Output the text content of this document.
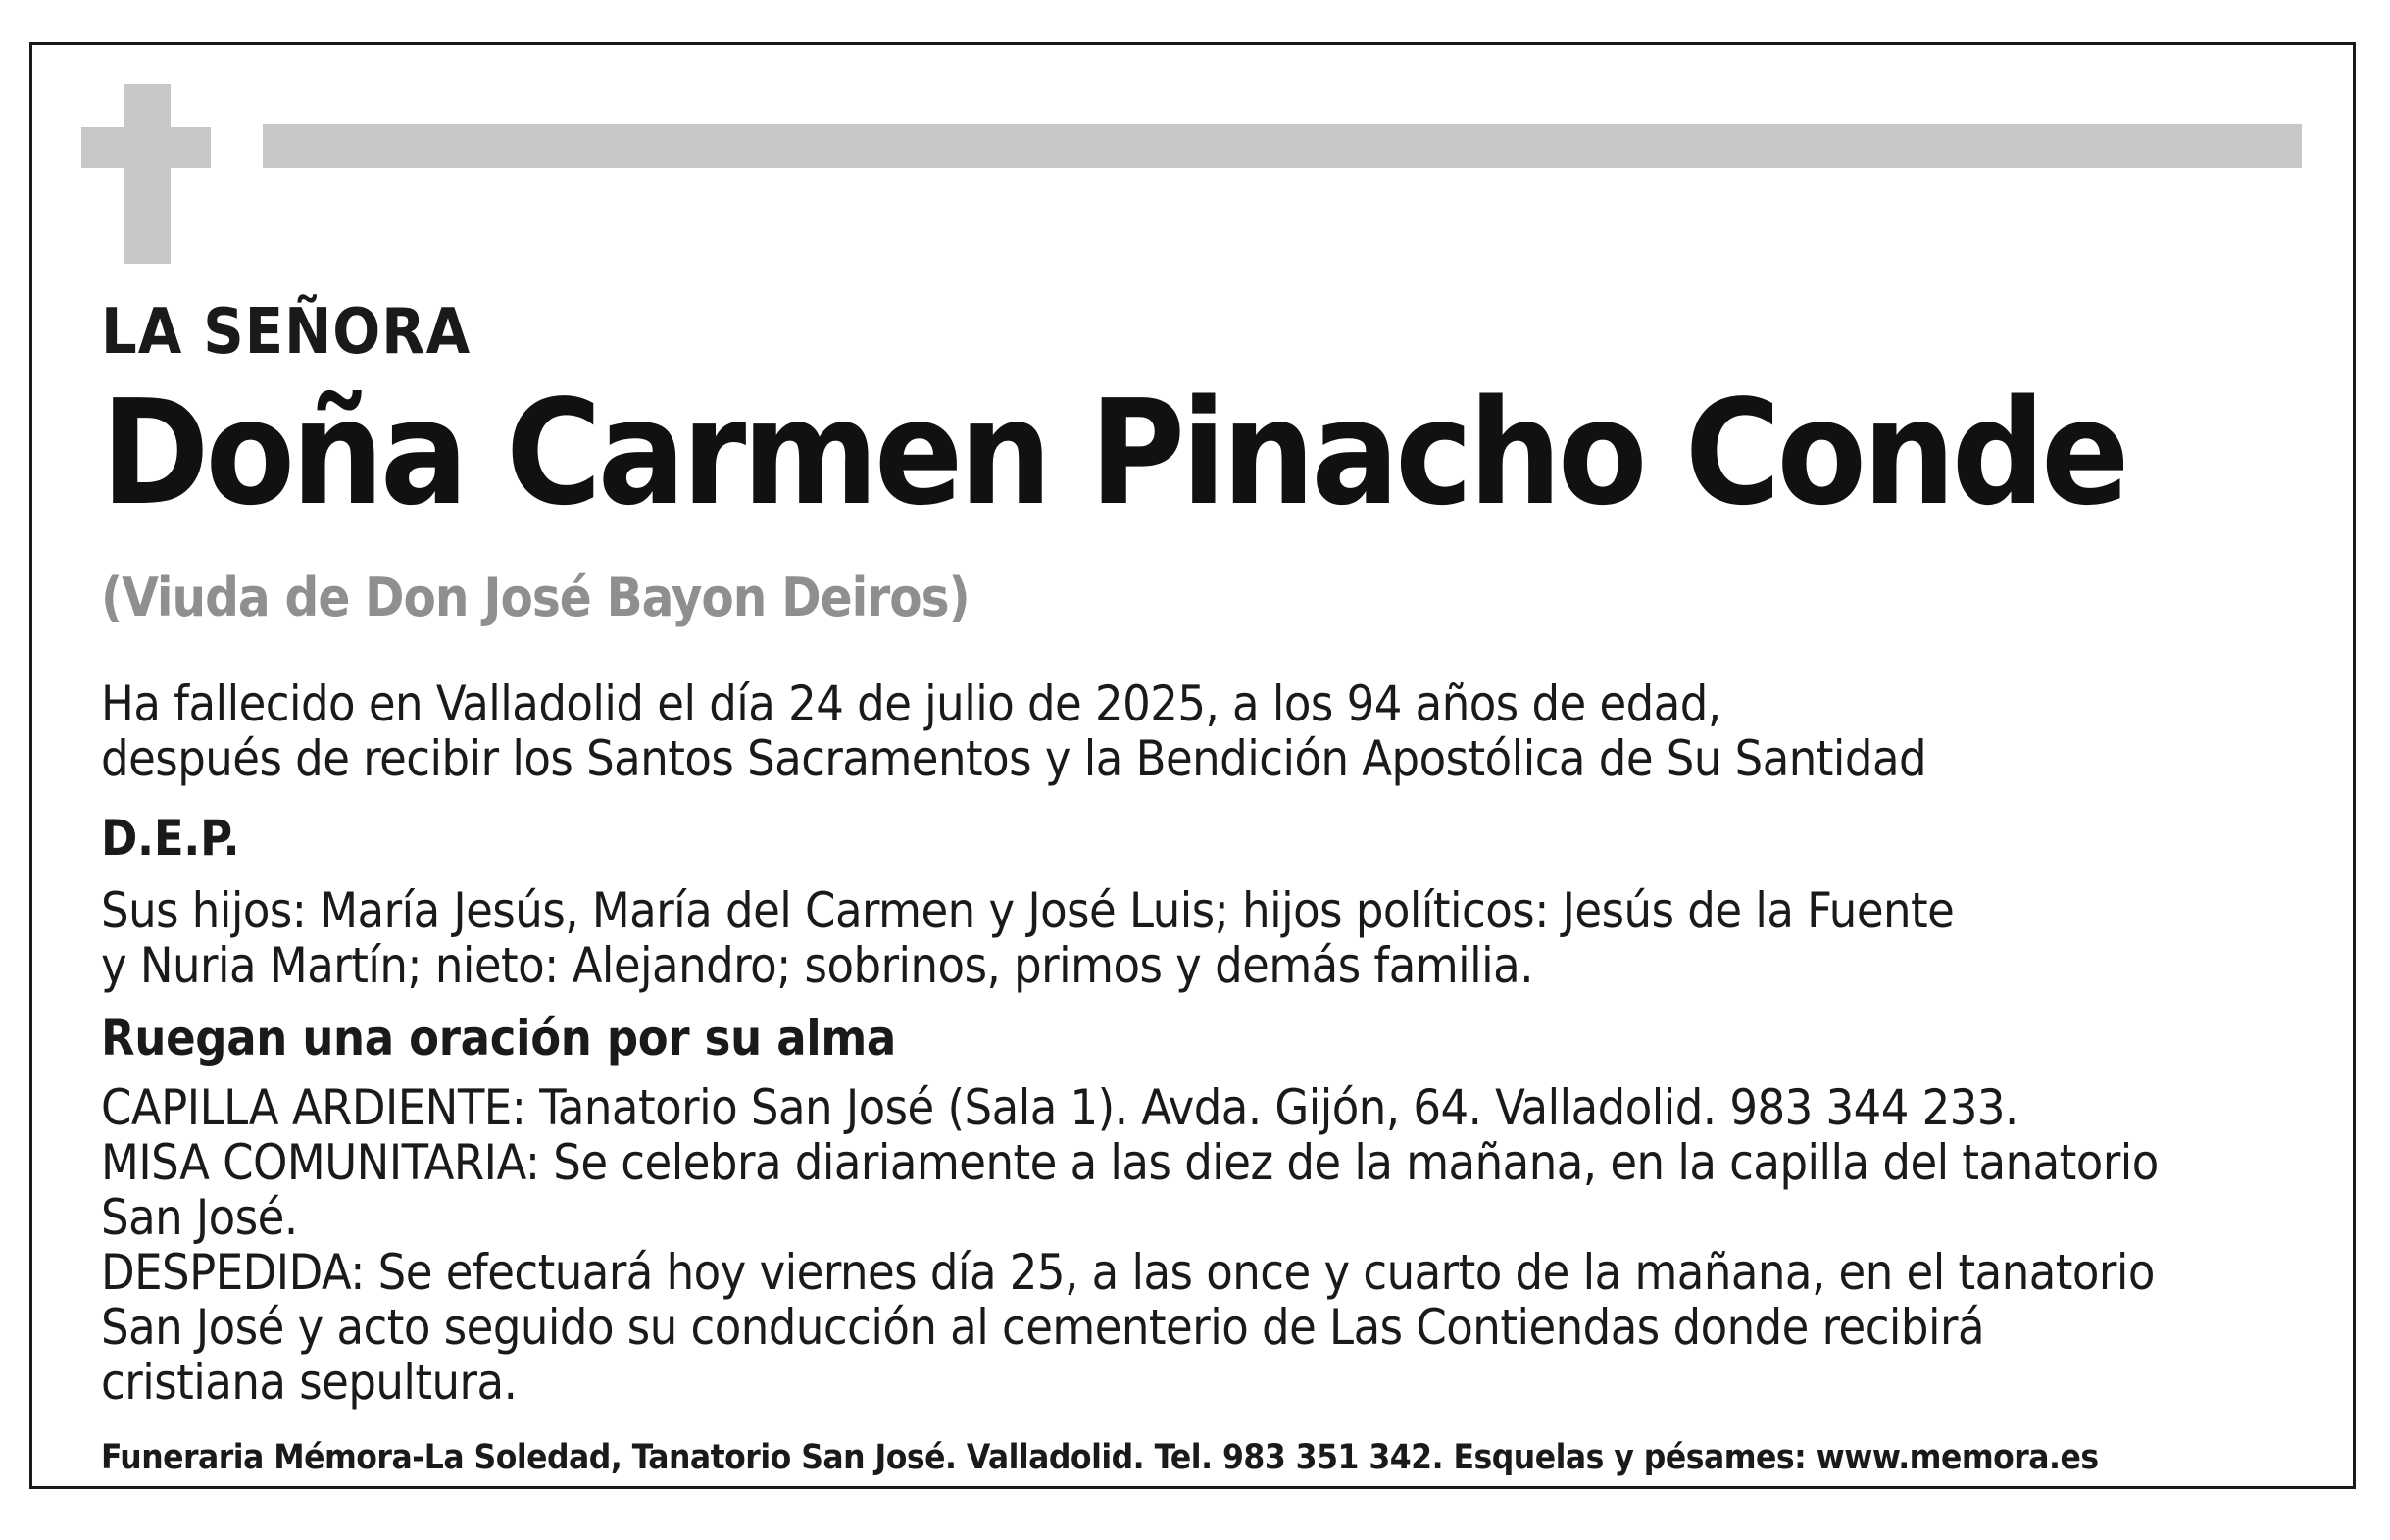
LA SEÑORA
Doña Carmen Pinacho Conde
(Viuda de Don José Bayon Deiros)
Ha fallecido en Valladolid el día 24 de julio de 2025, a los 94 años de edad,
después de recibir los Santos Sacramentos y la Bendición Apostólica de Su Santidad
D.E.P.
Sus hijos: María Jesús, María del Carmen y José Luis; hijos políticos: Jesús de la Fuente
y Nuria Martín; nieto: Alejandro; sobrinos, primos y demás familia.
Ruegan una oración por su alma
CAPILLA ARDIENTE: Tanatorio San José (Sala 1). Avda. Gijón, 64. Valladolid. 983 344 233.
MISA COMUNITARIA: Se celebra diariamente a las diez de la mañana, en la capilla del tanatorio
San José.
DESPEDIDA: Se efectuará hoy viernes día 25, a las once y cuarto de la mañana, en el tanatorio
San José y acto seguido su conducción al cementerio de Las Contiendas donde recibirá
cristiana sepultura.
Funeraria Mémora-La Soledad, Tanatorio San José. Valladolid. Tel. 983 351 342. Esquelas y pésames: www.memora.es
